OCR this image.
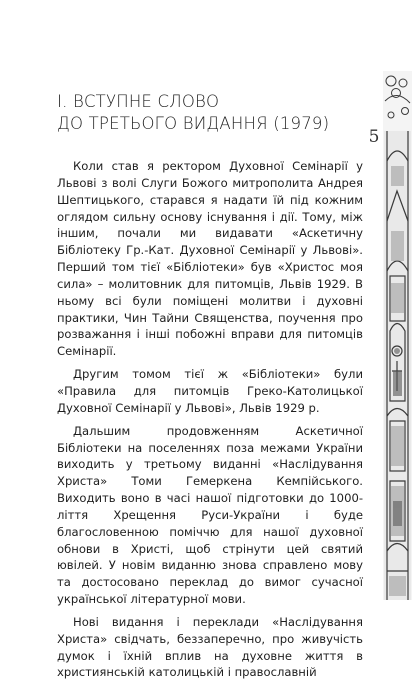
І. ВСТУПНЕ СЛОВО
ДО ТРЕТЬОГО ВИДАННЯ (1979)
5

Коли став я ректором Духовної Семінарії у Львові з волі Слуги Божого митрополита Андрея Шептицького, старався я надати їй під кожним оглядом сильну основу існування і дії. Тому, між іншим, почали ми видавати «Аскетичну Бібліотеку Гр.-Кат. Духовної Семінарії у Львові». Перший том тієї «Бібліотеки» був «Христос моя сила» – молитовник для питомців, Львів 1929. В ньому всі були поміщені молитви і духовні практики, Чин Тайни Священства, поучення про розважання і інші побожні вправи для питомців Семінарії.

Другим томом тієї ж «Бібліотеки» були «Правила для питомців Греко-Католицької Духовної Семінарії у Львові», Львів 1929 р.

Дальшим продовженням Аскетичної Бібліотеки на поселеннях поза межами України виходить у третьому виданні «Наслідування Христа» Томи Гемеркена Кемпійського. Виходить воно в часі нашої підготовки до 1000-ліття Хрещення Руси-України і буде благословенною поміччю для нашої духовної обнови в Христі, щоб стрінути цей святий ювілей. У новім виданню знова справлено мову та достосовано переклад до вимог сучасної української літературної мови.

Нові видання і переклади «Наслідування Христа» свідчать, беззаперечно, про живучість думок і їхній вплив на духовне життя в християнській католицькій і православній
